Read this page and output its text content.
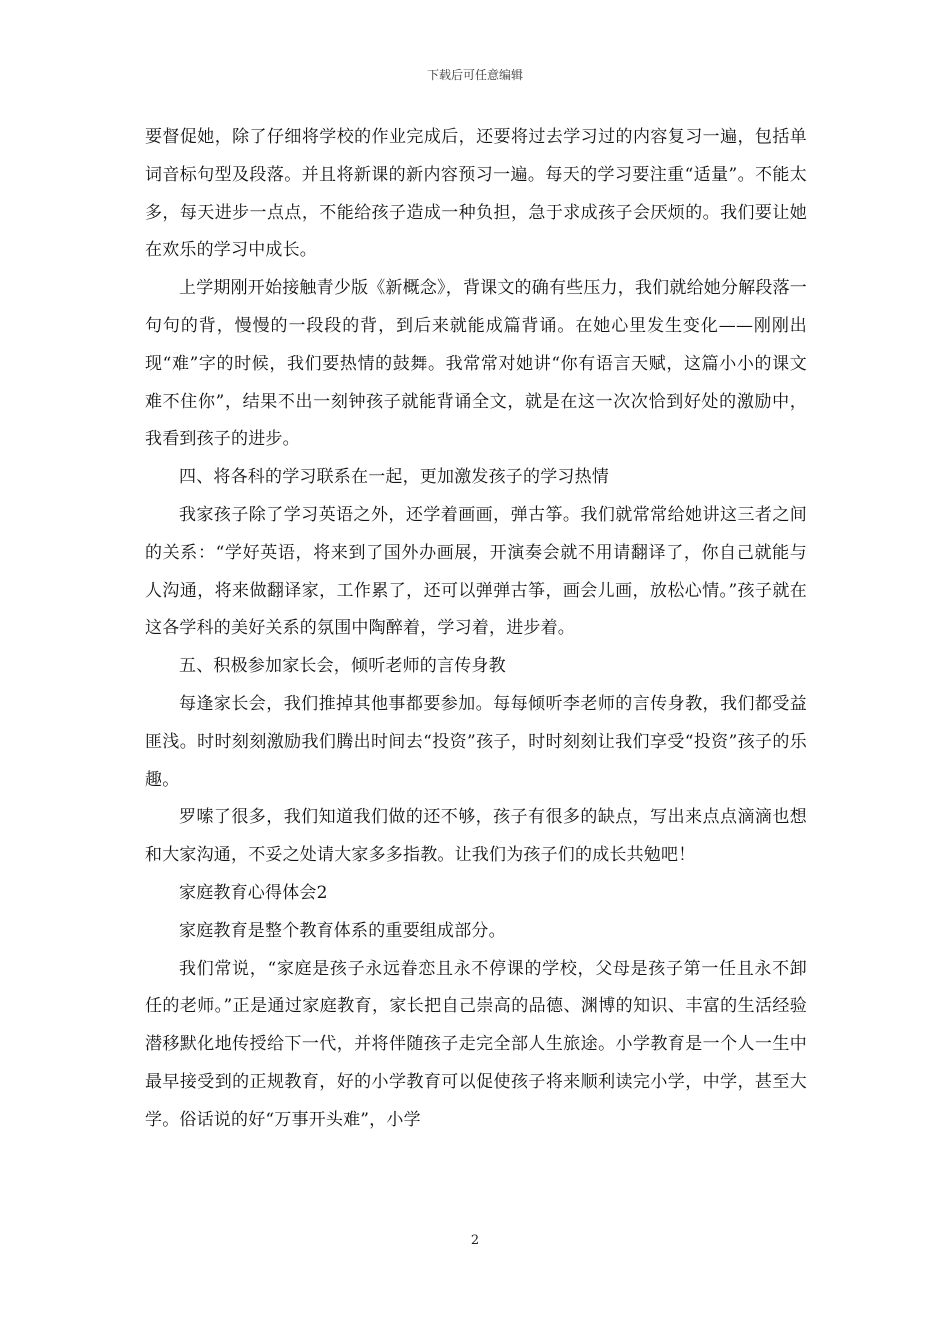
下载后可任意编辑

要督促她，除了仔细将学校的作业完成后，还要将过去学习过的内容复习一遍，包括单词音标句型及段落。并且将新课的新内容预习一遍。每天的学习要注重“适量”。不能太多，每天进步一点点，不能给孩子造成一种负担，急于求成孩子会厌烦的。我们要让她在欢乐的学习中成长。

上学期刚开始接触青少版《新概念》，背课文的确有些压力，我们就给她分解段落一句句的背，慢慢的一段段的背，到后来就能成篇背诵。在她心里发生变化——刚刚出现“难”字的时候，我们要热情的鼓舞。我常常对她讲“你有语言天赋，这篇小小的课文难不住你”，结果不出一刻钟孩子就能背诵全文，就是在这一次次恰到好处的激励中，我看到孩子的进步。

四、将各科的学习联系在一起，更加激发孩子的学习热情

我家孩子除了学习英语之外，还学着画画，弹古筝。我们就常常给她讲这三者之间的关系：“学好英语，将来到了国外办画展，开演奏会就不用请翻译了，你自己就能与人沟通，将来做翻译家，工作累了，还可以弹弹古筝，画会儿画，放松心情。”孩子就在这各学科的美好关系的氛围中陶醉着，学习着，进步着。

五、积极参加家长会，倾听老师的言传身教

每逢家长会，我们推掉其他事都要参加。每每倾听李老师的言传身教，我们都受益匪浅。时时刻刻激励我们腾出时间去“投资”孩子，时时刻刻让我们享受“投资”孩子的乐趣。

罗嗦了很多，我们知道我们做的还不够，孩子有很多的缺点，写出来点点滴滴也想和大家沟通，不妥之处请大家多多指教。让我们为孩子们的成长共勉吧！

家庭教育心得体会2

家庭教育是整个教育体系的重要组成部分。

我们常说，“家庭是孩子永远眷恋且永不停课的学校，父母是孩子第一任且永不卸任的老师。”正是通过家庭教育，家长把自己崇高的品德、渊博的知识、丰富的生活经验潜移默化地传授给下一代，并将伴随孩子走完全部人生旅途。小学教育是一个人一生中最早接受到的正规教育，好的小学教育可以促使孩子将来顺利读完小学，中学，甚至大学。俗话说的好“万事开头难”，小学

2
